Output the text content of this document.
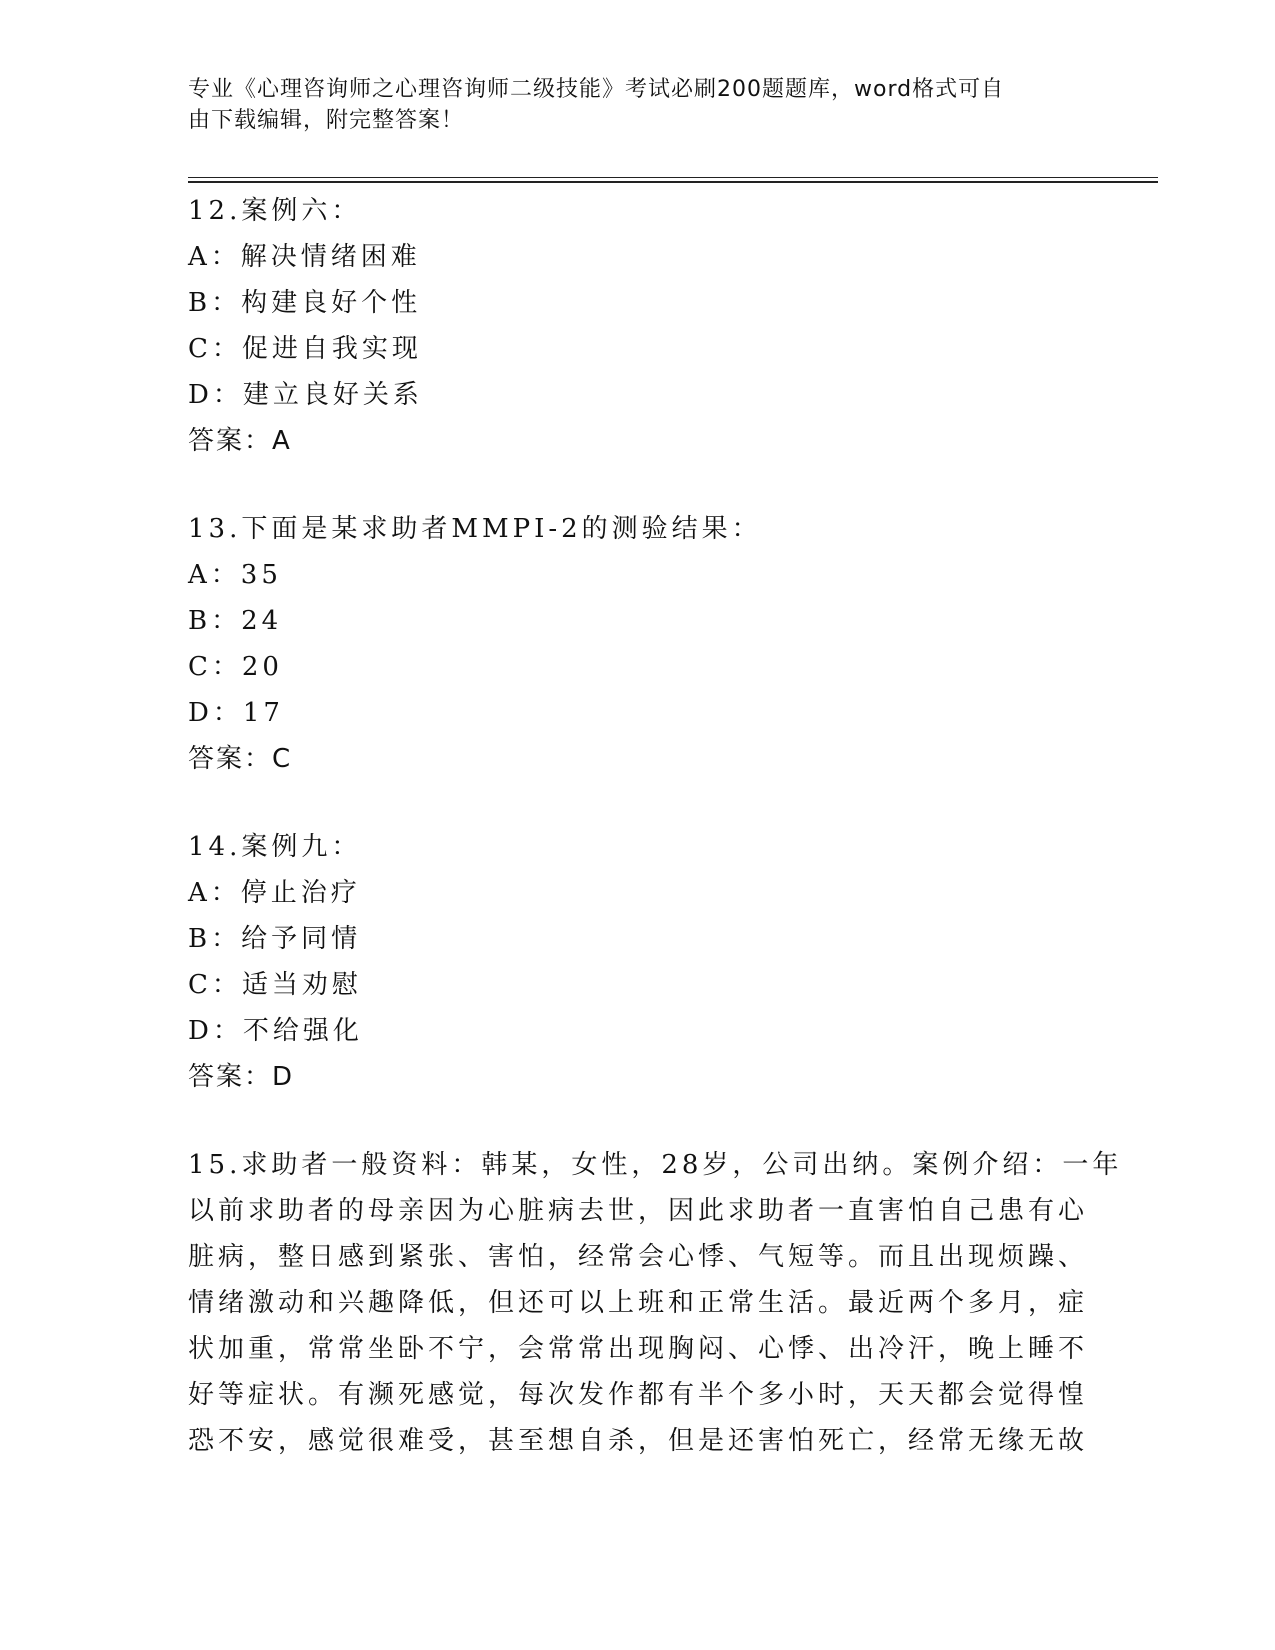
专业《心理咨询师之心理咨询师二级技能》考试必刷200题题库，word格式可自
由下载编辑，附完整答案！
12.案例六：
A：解决情绪困难
B：构建良好个性
C：促进自我实现
D：建立良好关系
答案：A
13.下面是某求助者MMPI-2的测验结果：
A：35
B：24
C：20
D：17
答案：C
14.案例九：
A：停止治疗
B：给予同情
C：适当劝慰
D：不给强化
答案：D
15.求助者一般资料：韩某，女性，28岁，公司出纳。案例介绍：一年
以前求助者的母亲因为心脏病去世，因此求助者一直害怕自己患有心
脏病，整日感到紧张、害怕，经常会心悸、气短等。而且出现烦躁、
情绪激动和兴趣降低，但还可以上班和正常生活。最近两个多月，症
状加重，常常坐卧不宁，会常常出现胸闷、心悸、出冷汗，晚上睡不
好等症状。有濒死感觉，每次发作都有半个多小时，天天都会觉得惶
恐不安，感觉很难受，甚至想自杀，但是还害怕死亡，经常无缘无故
